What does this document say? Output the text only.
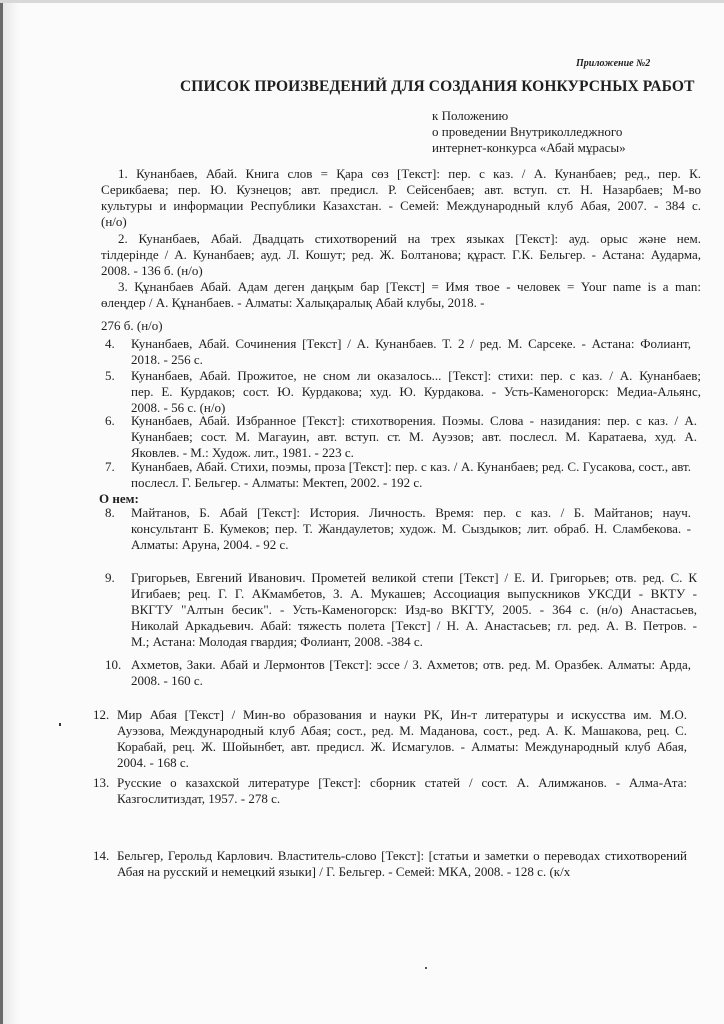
Приложение №2
СПИСОК ПРОИЗВЕДЕНИЙ ДЛЯ СОЗДАНИЯ КОНКУРСНЫХ РАБОТ
к Положению
о проведении Внутриколледжного
интернет-конкурса «Абай мұрасы»
1. Кунанбаев, Абай. Книга слов = Қара сөз [Текст]: пер. с каз. / А. Кунанбаев; ред., пер. К.
Серикбаева; пер. Ю. Кузнецов; авт. предисл. Р. Сейсенбаев; авт. вступ. ст. Н. Назарбаев; М-во
культуры и информации Республики Казахстан. - Семей: Международный клуб Абая, 2007. - 384 с.
(н/о)
2. Кунанбаев, Абай. Двадцать стихотворений на трех языках [Текст]: ауд. орыс және нем.
тілдерінде / А. Кунанбаев; ауд. Л. Кошут; ред. Ж. Болтанова; құраст. Г.К. Бельгер. - Астана: Аударма,
2008. - 136 б. (н/о)
3. Құнанбаев Абай. Адам деген даңқым бар [Текст] = Имя твое - человек = Your name is a man:
өлеңдер / А. Құнанбаев. - Алматы: Халықаралық Абай клубы, 2018. -
276 б. (н/о)
4. Кунанбаев, Абай. Сочинения [Текст] / А. Кунанбаев. Т. 2 / ред. М. Сарсеке. - Астана: Фолиант,
2018. - 256 с.
5. Кунанбаев, Абай. Прожитое, не сном ли оказалось... [Текст]: стихи: пер. с каз. / А. Кунанбаев;
пер. Е. Курдаков; сост. Ю. Курдакова; худ. Ю. Курдакова. - Усть-Каменогорск: Медиа-Альянс,
2008. - 56 с. (н/о)
6. Кунанбаев, Абай. Избранное [Текст]: стихотворения. Поэмы. Слова - назидания: пер. с каз. / А.
Кунанбаев; сост. М. Магауин, авт. вступ. ст. М. Ауэзов; авт. послесл. М. Каратаева, худ. А.
Яковлев. - М.: Худож. лит., 1981. - 223 с.
7. Кунанбаев, Абай. Стихи, поэмы, проза [Текст]: пер. с каз. / А. Кунанбаев; ред. С. Гусакова, сост., авт. послесл. Г. Бельгер. - Алматы: Мектеп, 2002. - 192 с.
О нем:
8. Майтанов, Б. Абай [Текст]: История. Личность. Время: пер. с каз. / Б. Майтанов; науч.
консультант Б. Кумеков; пер. Т. Жандаулетов; худож. М. Сыздыков; лит. обраб. Н. Сламбекова. - Алматы: Аруна, 2004. - 92 с.
9. Григорьев, Евгений Иванович. Прометей великой степи [Текст] / Е. И. Григорьев; отв. ред. С. К
Игибаев; рец. Г. Г. АКмамбетов, З. А. Мукашев; Ассоциация выпускников УКСДИ - ВКТУ -
ВКГТУ "Алтын бесик". - Усть-Каменогорск: Изд-во ВКГТУ, 2005. - 364 с. (н/о) Анастасьев,
Николай Аркадьевич. Абай: тяжесть полета [Текст] / Н. А. Анастасьев; гл. ред. А. В. Петров. -
М.; Астана: Молодая гвардия; Фолиант, 2008. -384 с.
10. Ахметов, Заки. Абай и Лермонтов [Текст]: эссе / З. Ахметов; отв. ред. М. Оразбек. Алматы: Арда, 2008. - 160 с.
12. Мир Абая [Текст] / Мин-во образования и науки РК, Ин-т литературы и искусства им. М.О.
Ауэзова, Международный клуб Абая; сост., ред. М. Маданова, сост., ред. А. К. Машакова, рец. С.
Корабай, рец. Ж. Шойынбет, авт. предисл. Ж. Исмагулов. - Алматы: Международный клуб Абая,
2004. - 168 с.
13. Русские о казахской литературе [Текст]: сборник статей / сост. А. Алимжанов. - Алма-Ата: Казгослитиздат, 1957. - 278 с.
14. Бельгер, Герольд Карлович. Властитель-слово [Текст]: [статьи и заметки о переводах стихотворений Абая на русский и немецкий языки] / Г. Бельгер. - Семей: МКА, 2008. - 128 с. (к/х
